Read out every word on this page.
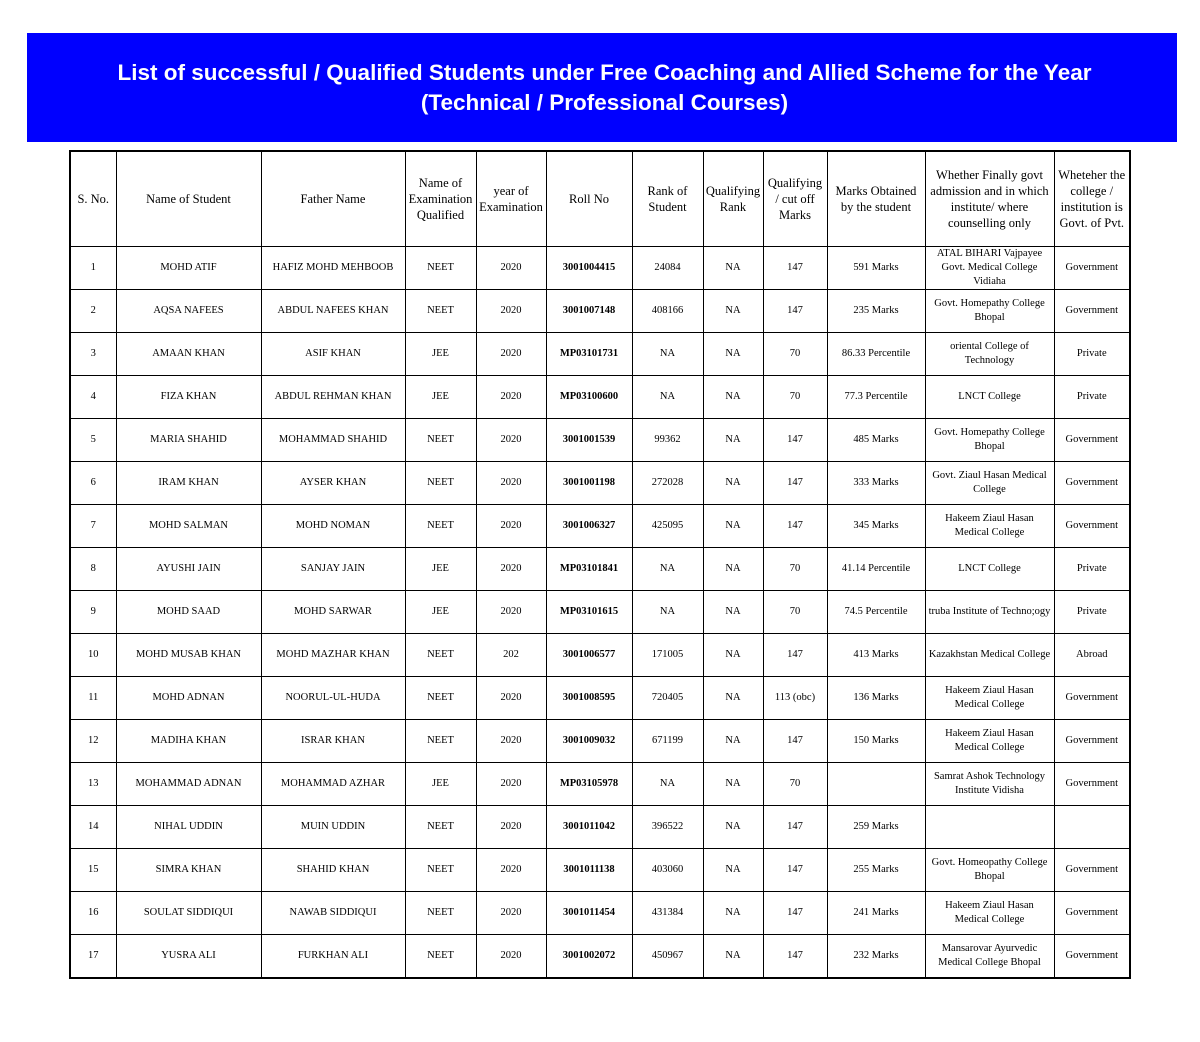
List of successful / Qualified Students under Free Coaching and Allied Scheme for the Year
(Technical / Professional Courses)
S. No.	Name of Student	Father Name	Name of Examination Qualified	year of Examination	Roll No	Rank of Student	Qualifying Rank	Qualifying / cut off Marks	Marks Obtained by the student	Whether Finally govt admission and in which institute/ where counselling only	Wheteher the college / institution is Govt. of Pvt.
1	MOHD ATIF	HAFIZ MOHD MEHBOOB	NEET	2020	3001004415	24084	NA	147	591 Marks	ATAL BIHARI Vajpayee Govt. Medical College Vidiaha	Government
2	AQSA NAFEES	ABDUL NAFEES KHAN	NEET	2020	3001007148	408166	NA	147	235 Marks	Govt. Homepathy College Bhopal	Government
3	AMAAN KHAN	ASIF KHAN	JEE	2020	MP03101731	NA	NA	70	86.33 Percentile	oriental College of Technology	Private
4	FIZA KHAN	ABDUL REHMAN KHAN	JEE	2020	MP03100600	NA	NA	70	77.3 Percentile	LNCT College	Private
5	MARIA SHAHID	MOHAMMAD SHAHID	NEET	2020	3001001539	99362	NA	147	485 Marks	Govt. Homepathy College Bhopal	Government
6	IRAM KHAN	AYSER KHAN	NEET	2020	3001001198	272028	NA	147	333 Marks	Govt. Ziaul Hasan Medical College	Government
7	MOHD SALMAN	MOHD NOMAN	NEET	2020	3001006327	425095	NA	147	345 Marks	Hakeem Ziaul Hasan Medical College	Government
8	AYUSHI JAIN	SANJAY JAIN	JEE	2020	MP03101841	NA	NA	70	41.14 Percentile	LNCT College	Private
9	MOHD SAAD	MOHD SARWAR	JEE	2020	MP03101615	NA	NA	70	74.5 Percentile	truba Institute of Techno;ogy	Private
10	MOHD MUSAB KHAN	MOHD MAZHAR KHAN	NEET	202	3001006577	171005	NA	147	413 Marks	Kazakhstan Medical College	Abroad
11	MOHD ADNAN	NOORUL-UL-HUDA	NEET	2020	3001008595	720405	NA	113 (obc)	136 Marks	Hakeem Ziaul Hasan Medical College	Government
12	MADIHA KHAN	ISRAR KHAN	NEET	2020	3001009032	671199	NA	147	150 Marks	Hakeem Ziaul Hasan Medical College	Government
13	MOHAMMAD ADNAN	MOHAMMAD AZHAR	JEE	2020	MP03105978	NA	NA	70		Samrat Ashok Technology Institute Vidisha	Government
14	NIHAL UDDIN	MUIN UDDIN	NEET	2020	3001011042	396522	NA	147	259 Marks		
15	SIMRA KHAN	SHAHID KHAN	NEET	2020	3001011138	403060	NA	147	255 Marks	Govt. Homeopathy College Bhopal	Government
16	SOULAT SIDDIQUI	NAWAB SIDDIQUI	NEET	2020	3001011454	431384	NA	147	241 Marks	Hakeem Ziaul Hasan Medical College	Government
17	YUSRA ALI	FURKHAN ALI	NEET	2020	3001002072	450967	NA	147	232 Marks	Mansarovar Ayurvedic Medical College Bhopal	Government
